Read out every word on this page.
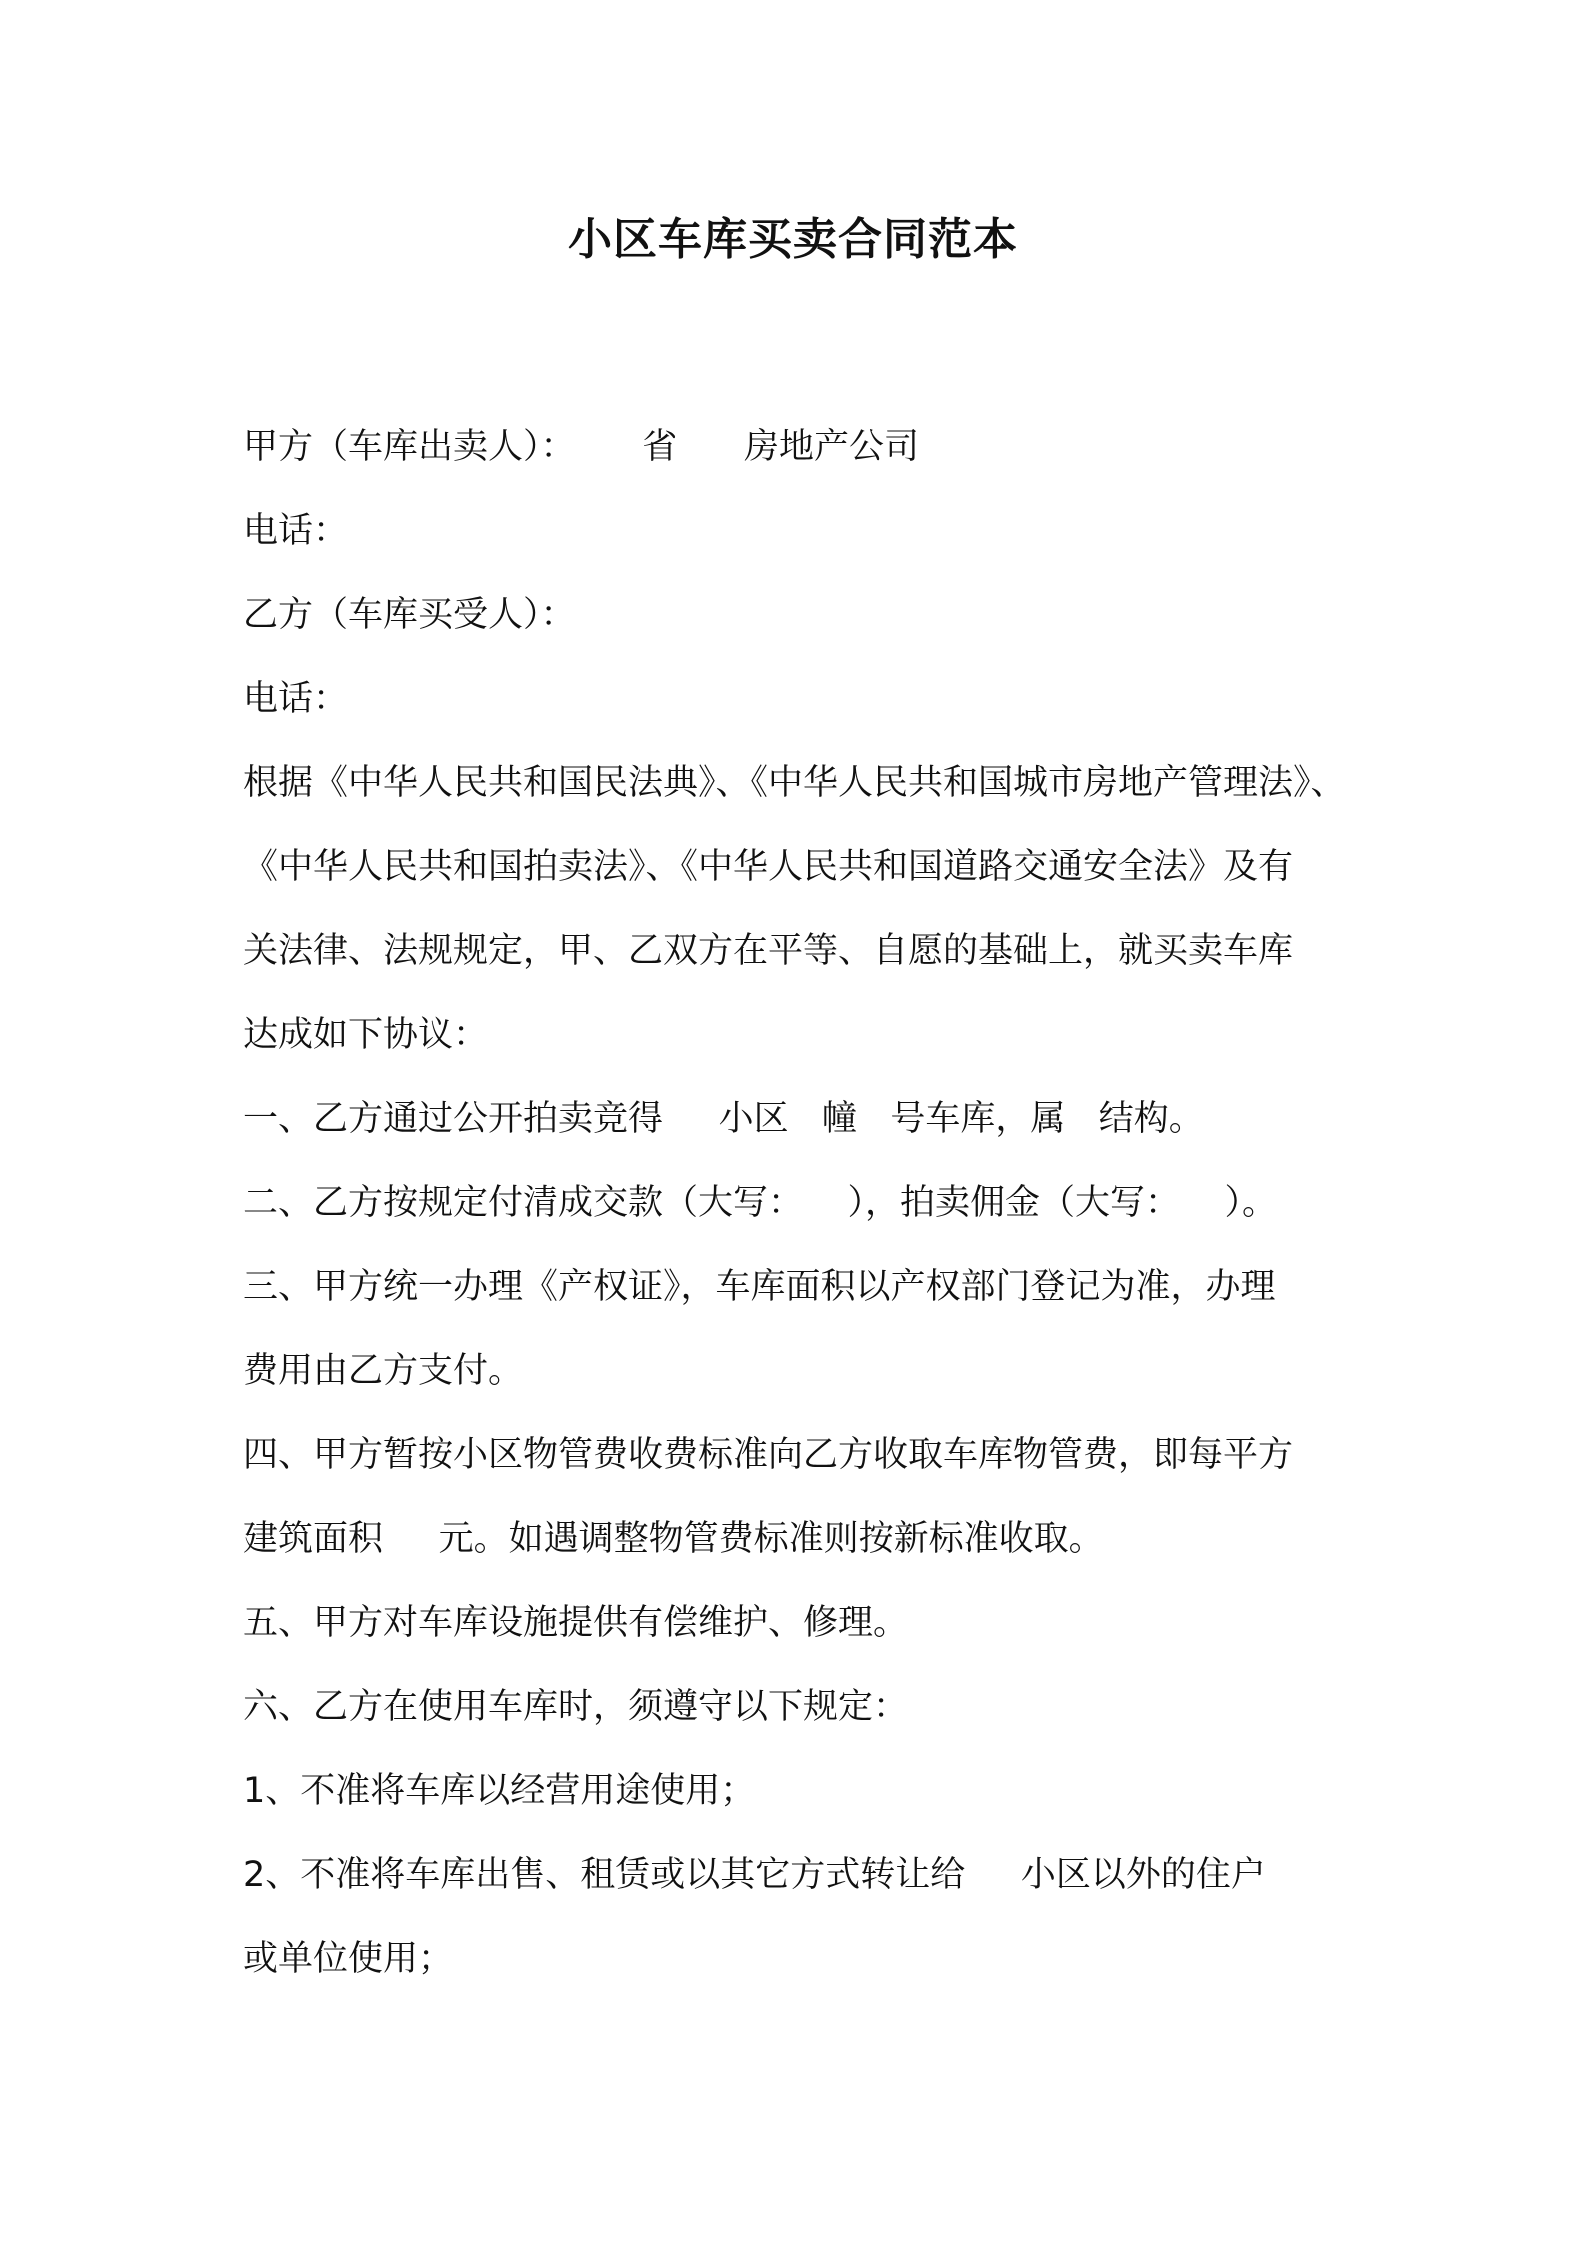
小区车库买卖合同范本
甲方（车库出卖人）：      省      房地产公司
电话：
乙方（车库买受人）：
电话：
根据《中华人民共和国民法典》、《中华人民共和国城市房地产管理法》、
《中华人民共和国拍卖法》、《中华人民共和国道路交通安全法》及有
关法律、法规规定，甲、乙双方在平等、自愿的基础上，就买卖车库
达成如下协议：
一、乙方通过公开拍卖竞得     小区   幢   号车库，属   结构。
二、乙方按规定付清成交款（大写：    ），拍卖佣金（大写：    ）。
三、甲方统一办理《产权证》，车库面积以产权部门登记为准，办理
费用由乙方支付。
四、甲方暂按小区物管费收费标准向乙方收取车库物管费，即每平方
建筑面积     元。如遇调整物管费标准则按新标准收取。
五、甲方对车库设施提供有偿维护、修理。
六、乙方在使用车库时，须遵守以下规定：
1、不准将车库以经营用途使用；
2、不准将车库出售、租赁或以其它方式转让给     小区以外的住户
或单位使用；
